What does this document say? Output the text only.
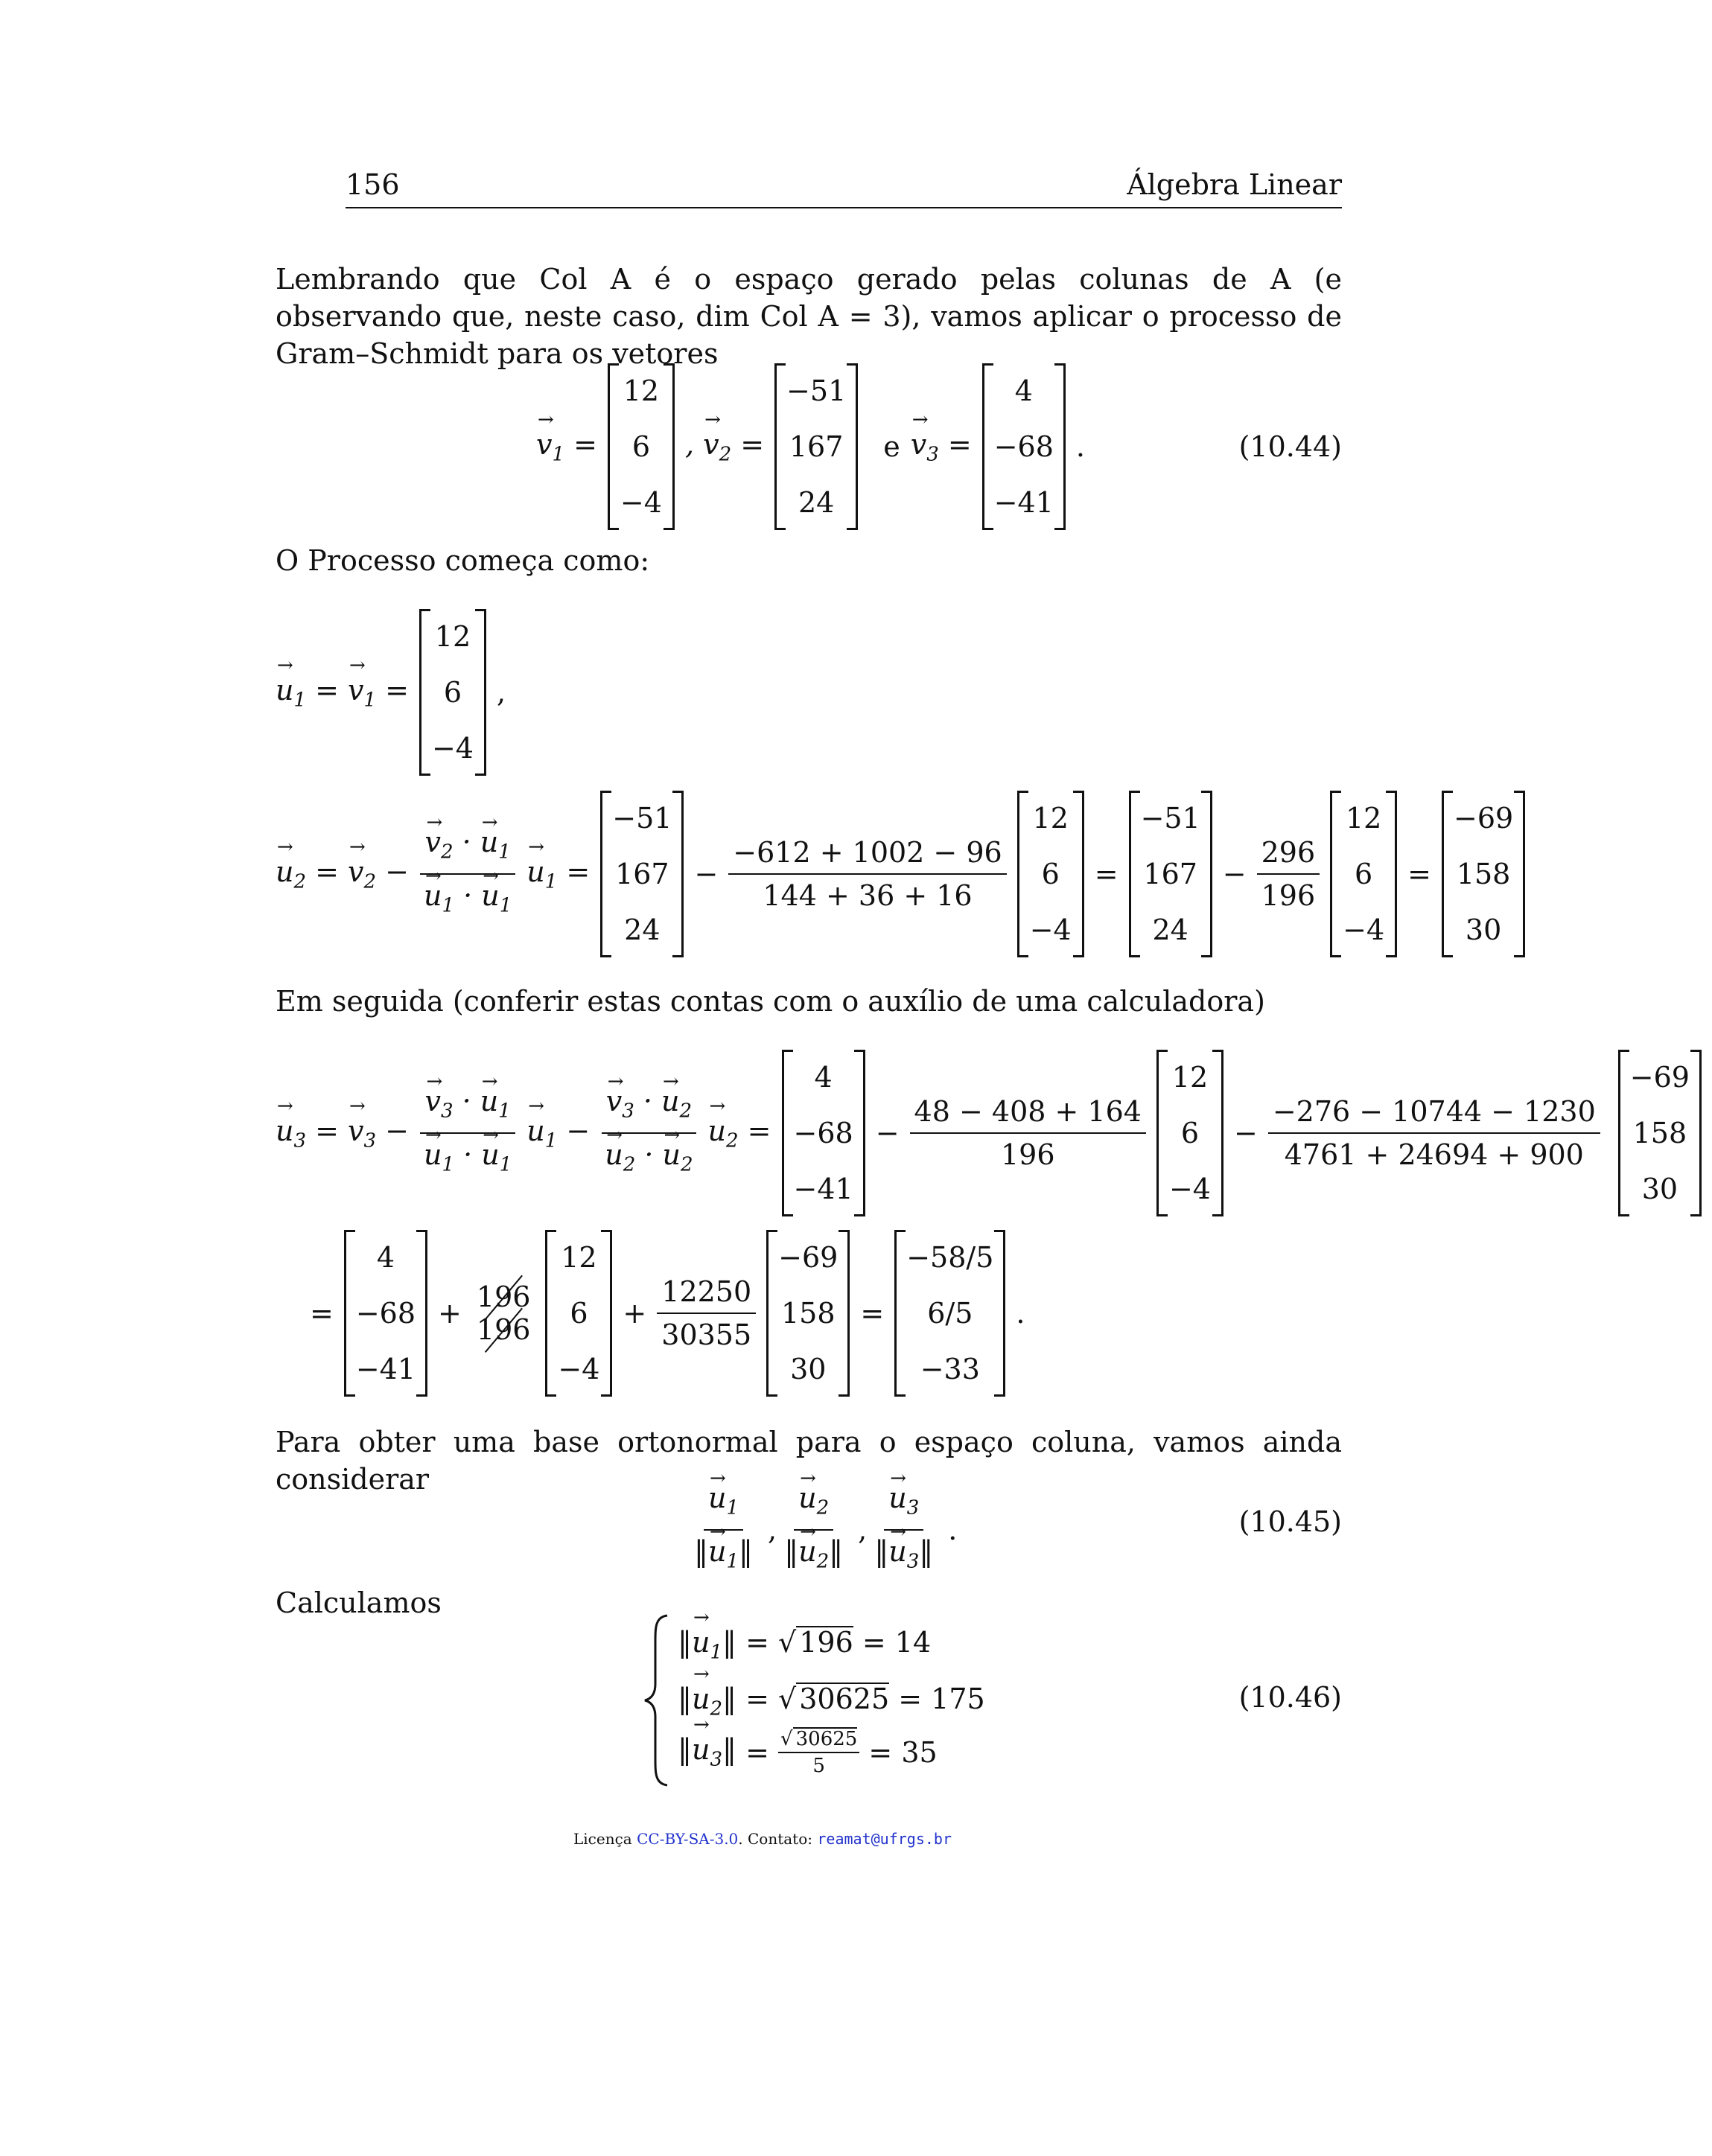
156	Álgebra Linear
Lembrando que Col A é o espaço gerado pelas colunas de A (e observando que, neste caso, dim Col A = 3), vamos aplicar o processo de Gram–Schmidt para os vetores
→ $v_1$ =
12
6
−4
, → $v_2$ =
−51
167
24
e
→ $v_3$ =
4
−68
−41
.	(10.44)
O Processo começa como:
→ $u_1$ = → $v_1$ =
12
6
−4
,
→ $u_2$ = → $v_2$ −
→ $v_2$ · → $u_1$
→ $u_1$ · → $u_1$
→ $u_1$ =
−51
167
24
− $\frac{-612 + 1002 - 96}{144 + 36 + 16}$
12
6
−4
=
−51
167
24
− $\frac{296}{196}$
12
6
−4
=
−69
158
30
Em seguida (conferir estas contas com o auxílio de uma calculadora)
→ $u_3$ = → $v_3$ −
→ $v_3$ · → $u_1$
→ $u_1$ · → $u_1$
→ $u_1$ −
→ $v_3$ · → $u_2$
→ $u_2$ · → $u_2$
→ $u_2$ =
4
−68
−41
− $\frac{48 - 408 + 164}{196}$
12
6
−4
− $\frac{-276 - 10744 - 1230}{4761 + 24694 + 900}$
−69
158
30
=
4
−68
−41
+ 196
196
12
6
−4
+ $\frac{12250}{30355}$
−69
158
30
=
−58/5
6/5
−33
.
Para obter uma base ortonormal para o espaço coluna, vamos ainda considerar
→ $\frac{u_1}{‖\to u_1‖}$ ,
→ $\frac{u_2}{‖\to u_2‖}$ ,
→ $\frac{u_3}{‖\to u_3‖}$ .	(10.45)
Calculamos
‖→ $u_1‖$ = √ 196 = 14
‖→ $u_2‖$ = √ 30625 = 175
‖→ $u_3‖ = \frac{√ 30625}{5} = 35$
(10.46)
Licença CC-BY-SA-3.0. Contato: reamat@ufrgs.br
